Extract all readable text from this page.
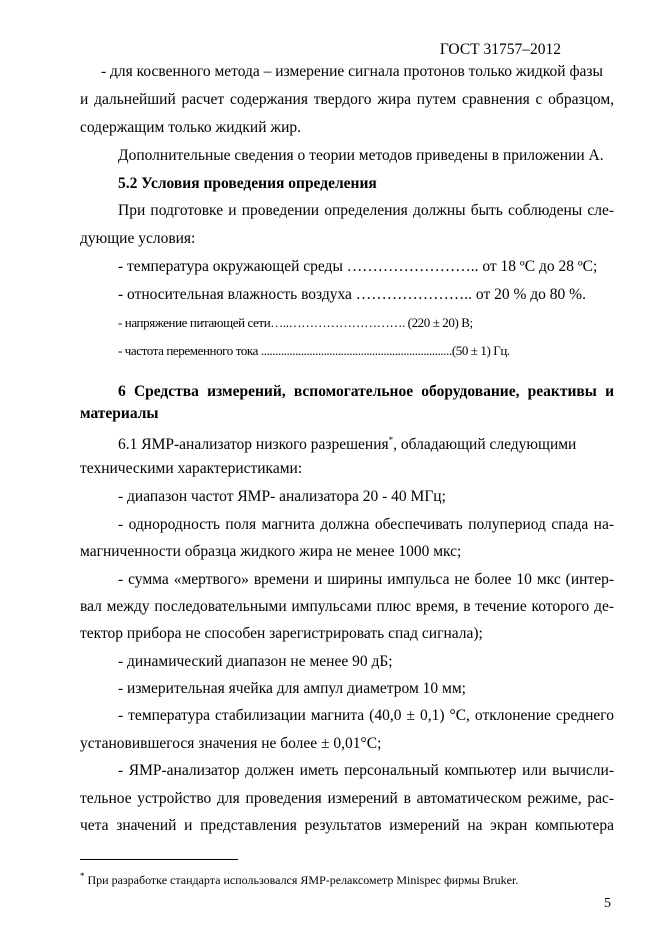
ГОСТ 31757–2012
- для косвенного метода – измерение сигнала протонов только жидкой фазы
и дальнейший расчет содержания твердого жира путем сравнения с образцом,
содержащим только жидкий жир.
Дополнительные сведения о теории методов приведены в приложении А.
5.2 Условия проведения определения
При подготовке и проведении определения должны быть соблюдены сле-
дующие условия:
- температура окружающей среды …………………….. от 18 ºС до 28 ºС;
- относительная влажность воздуха ………………….. от 20 % до 80 %.
- напряжение питающей сети…..………………………. (220 ± 20) В;
- частота переменного тока ...................................................................(50 ± 1) Гц.
6 Средства измерений, вспомогательное оборудование, реактивы и
материалы
6.1 ЯМР-анализатор низкого разрешения*, обладающий следующими
техническими характеристиками:
- диапазон частот ЯМР- анализатора 20 - 40 МГц;
- однородность поля магнита должна обеспечивать полупериод спада на-
магниченности образца жидкого жира не менее 1000 мкс;
- сумма «мертвого» времени и ширины импульса не более 10 мкс (интер-
вал между последовательными импульсами плюс время, в течение которого де-
тектор прибора не способен зарегистрировать спад сигнала);
- динамический диапазон не менее 90 дБ;
- измерительная ячейка для ампул диаметром 10 мм;
- температура стабилизации магнита (40,0 ± 0,1) °С, отклонение среднего
установившегося значения не более ± 0,01°С;
- ЯМР-анализатор должен иметь персональный компьютер или вычисли-
тельное устройство для проведения измерений в автоматическом режиме, рас-
чета значений и представления результатов измерений на экран компьютера
* При разработке стандарта использовался ЯМР-релаксометр Minispec фирмы Bruker.
5
